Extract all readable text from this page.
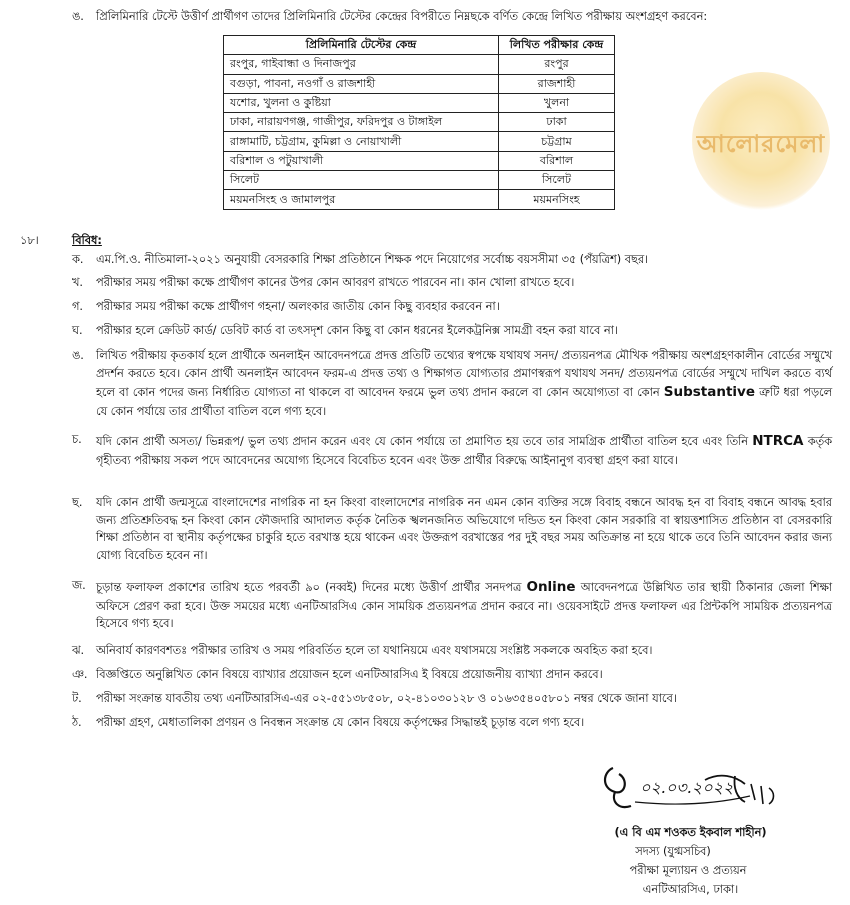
ঙ.	প্রিলিমিনারি টেস্টে উত্তীর্ণ প্রার্থীগণ তাদের প্রিলিমিনারি টেস্টের কেন্দ্রের বিপরীতে নিম্নছকে বর্ণিত কেন্দ্রে লিখিত পরীক্ষায় অংশগ্রহণ করবেন:
আলোরমেলা
প্রিলিমিনারি টেস্টের কেন্দ্র	লিখিত পরীক্ষার কেন্দ্র
রংপুর, গাইবান্ধা ও দিনাজপুর	রংপুর
বগুড়া, পাবনা, নওগাঁ ও রাজশাহী	রাজশাহী
যশোর, খুলনা ও কুষ্টিয়া	খুলনা
ঢাকা, নারায়ণগঞ্জ, গাজীপুর, ফরিদপুর ও টাঙ্গাইল	ঢাকা
রাঙ্গামাটি, চট্টগ্রাম, কুমিল্লা ও নোয়াখালী	চট্টগ্রাম
বরিশাল ও পটুয়াখালী	বরিশাল
সিলেট	সিলেট
ময়মনসিংহ ও জামালপুর	ময়মনসিংহ
১৮।	বিবিধ:
ক.	এম.পি.ও. নীতিমালা-২০২১ অনুযায়ী বেসরকারি শিক্ষা প্রতিষ্ঠানে শিক্ষক পদে নিয়োগের সর্বোচ্চ বয়সসীমা ৩৫ (পঁয়ত্রিশ) বছর।
খ.	পরীক্ষার সময় পরীক্ষা কক্ষে প্রার্থীগণ কানের উপর কোন আবরণ রাখতে পারবেন না। কান খোলা রাখতে হবে।
গ.	পরীক্ষার সময় পরীক্ষা কক্ষে প্রার্থীগণ গহনা/ অলংকার জাতীয় কোন কিছু ব্যবহার করবেন না।
ঘ.	পরীক্ষার হলে ক্রেডিট কার্ড/ ডেবিট কার্ড বা তৎসদৃশ কোন কিছু বা কোন ধরনের ইলেকট্রনিক্স সামগ্রী বহন করা যাবে না।
ঙ.	লিখিত পরীক্ষায় কৃতকার্য হলে প্রার্থীকে অনলাইন আবেদনপত্রে প্রদত্ত প্রতিটি তথ্যের স্বপক্ষে যথাযথ সনদ/ প্রত্যয়নপত্র মৌখিক পরীক্ষায় অংশগ্রহণকালীন বোর্ডের সম্মুখে প্রদর্শন করতে হবে। কোন প্রার্থী অনলাইন আবেদন ফরম-এ প্রদত্ত তথ্য ও শিক্ষাগত যোগ্যতার প্রমাণস্বরূপ যথাযথ সনদ/ প্রত্যয়নপত্র বোর্ডের সম্মুখে দাখিল করতে ব্যর্থ হলে বা কোন পদের জন্য নির্ধারিত যোগ্যতা না থাকলে বা আবেদন ফরমে ভুল তথ্য প্রদান করলে বা কোন অযোগ্যতা বা কোন Substantive ত্রুটি ধরা পড়লে যে কোন পর্যায়ে তার প্রার্থীতা বাতিল বলে গণ্য হবে।
চ.	যদি কোন প্রার্থী অসত্য/ ভিন্নরূপ/ ভুল তথ্য প্রদান করেন এবং যে কোন পর্যায়ে তা প্রমাণিত হয় তবে তার সামগ্রিক প্রার্থীতা বাতিল হবে এবং তিনি NTRCA কর্তৃক গৃহীতব্য পরীক্ষায় সকল পদে আবেদনের অযোগ্য হিসেবে বিবেচিত হবেন এবং উক্ত প্রার্থীর বিরুদ্ধে আইনানুগ ব্যবস্থা গ্রহণ করা যাবে।
ছ.	যদি কোন প্রার্থী জন্মসূত্রে বাংলাদেশের নাগরিক না হন কিংবা বাংলাদেশের নাগরিক নন এমন কোন ব্যক্তির সঙ্গে বিবাহ বন্ধনে আবদ্ধ হন বা বিবাহ বন্ধনে আবদ্ধ হবার জন্য প্রতিশ্রুতিবদ্ধ হন কিংবা কোন ফৌজদারি আদালত কর্তৃক নৈতিক স্খলনজনিত অভিযোগে দন্ডিত হন কিংবা কোন সরকারি বা স্বায়ত্তশাসিত প্রতিষ্ঠান বা বেসরকারি শিক্ষা প্রতিষ্ঠান বা স্থানীয় কর্তৃপক্ষের চাকুরি হতে বরখাস্ত হয়ে থাকেন এবং উক্তরূপ বরখাস্তের পর দুই বছর সময় অতিক্রান্ত না হয়ে থাকে তবে তিনি আবেদন করার জন্য যোগ্য বিবেচিত হবেন না।
জ. চূড়ান্ত ফলাফল প্রকাশের তারিখ হতে পরবর্তী ৯০ (নব্বই) দিনের মধ্যে উত্তীর্ণ প্রার্থীর সনদপত্র Online আবেদনপত্রে উল্লিখিত তার স্থায়ী ঠিকানার জেলা শিক্ষা অফিসে প্রেরণ করা হবে। উক্ত সময়ের মধ্যে এনটিআরসিএ কোন সাময়িক প্রত্যয়নপত্র প্রদান করবে না। ওয়েবসাইটে প্রদত্ত ফলাফল এর প্রিন্টকপি সাময়িক প্রত্যয়নপত্র হিসেবে গণ্য হবে।
ঝ.	অনিবার্য কারণবশতঃ পরীক্ষার তারিখ ও সময় পরিবর্তিত হলে তা যথানিয়মে এবং যথাসময়ে সংশ্লিষ্ট সকলকে অবহিত করা হবে।
ঞ. বিজ্ঞপ্তিতে অনুল্লিখিত কোন বিষয়ে ব্যাখ্যার প্রয়োজন হলে এনটিআরসিএ ই বিষয়ে প্রয়োজনীয় ব্যাখ্যা প্রদান করবে।
ট.	পরীক্ষা সংক্রান্ত যাবতীয় তথ্য এনটিআরসিএ-এর ০২-৫৫১৩৮৫০৮, ০২-৪১০৩০১২৮ ও ০১৬৩৫৪০৫৮০১ নম্বর থেকে জানা যাবে।
ঠ.	পরীক্ষা গ্রহণ, মেধাতালিকা প্রণয়ন ও নিবন্ধন সংক্রান্ত যে কোন বিষয়ে কর্তৃপক্ষের সিদ্ধান্তই চূড়ান্ত বলে গণ্য হবে।
০২.০৩.২০২২
(এ বি এম শওকত ইকবাল শাহীন)
সদস্য (যুগ্মসচিব)
পরীক্ষা মূল্যায়ন ও প্রত্যয়ন
এনটিআরসিএ, ঢাকা।
